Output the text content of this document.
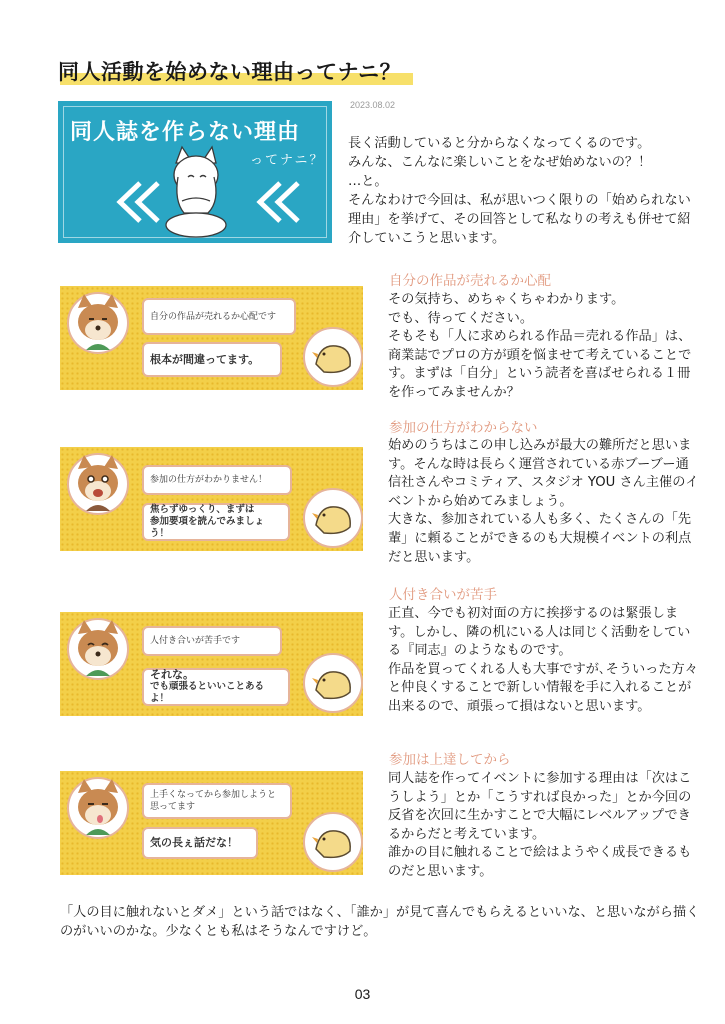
同人活動を始めない理由ってナニ？
2023.08.02
同人誌を作らない理由
ってナニ？

長く活動していると分からなくなってくるのです。

みんな、こんなに楽しいことをなぜ始めないの？！

…と。

そんなわけで今回は、私が思いつく限りの「始められない理由」を挙げて、その回答として私なりの考えも併せて紹介していこうと思います。

自分の作品が売れるか心配です
根本が間違ってます。
自分の作品が売れるか心配

その気持ち、めちゃくちゃわかります。

でも、待ってください。

そもそも「人に求められる作品＝売れる作品」は、商業誌でプロの方が頭を悩ませて考えていることです。まずは「自分」という読者を喜ばせられる１冊を作ってみませんか？

参加の仕方がわかりません！
焦らずゆっくり、まずは
参加要項を読んでみましょう！
参加の仕方がわからない

始めのうちはこの申し込みが最大の難所だと思います。そんな時は長らく運営されている赤ブーブー通信社さんやコミティア、スタジオ YOU さん主催のイベントから始めてみましょう。

大きな、参加されている人も多く、たくさんの「先輩」に頼ることができるのも大規模イベントの利点だと思います。

人付き合いが苦手です
それな。
でも頑張るといいことあるよ！
人付き合いが苦手

正直、今でも初対面の方に挨拶するのは緊張します。しかし、隣の机にいる人は同じく活動をしている『同志』のようなものです。

作品を買ってくれる人も大事ですが､そういった方々と仲良くすることで新しい情報を手に入れることが出来るので、頑張って損はないと思います。

上手くなってから参加しようと思ってます
気の長ぇ話だな！
参加は上達してから

同人誌を作ってイベントに参加する理由は「次はこうしよう」とか「こうすれば良かった」とか今回の反省を次回に生かすことで大幅にレベルアップできるからだと考えています。

誰かの目に触れることで絵はようやく成長できるものだと思います。

「人の目に触れないとダメ」という話ではなく、「誰か」が見て喜んでもらえるといいな、と思いながら描くのがいいのかな。少なくとも私はそうなんですけど。

03
